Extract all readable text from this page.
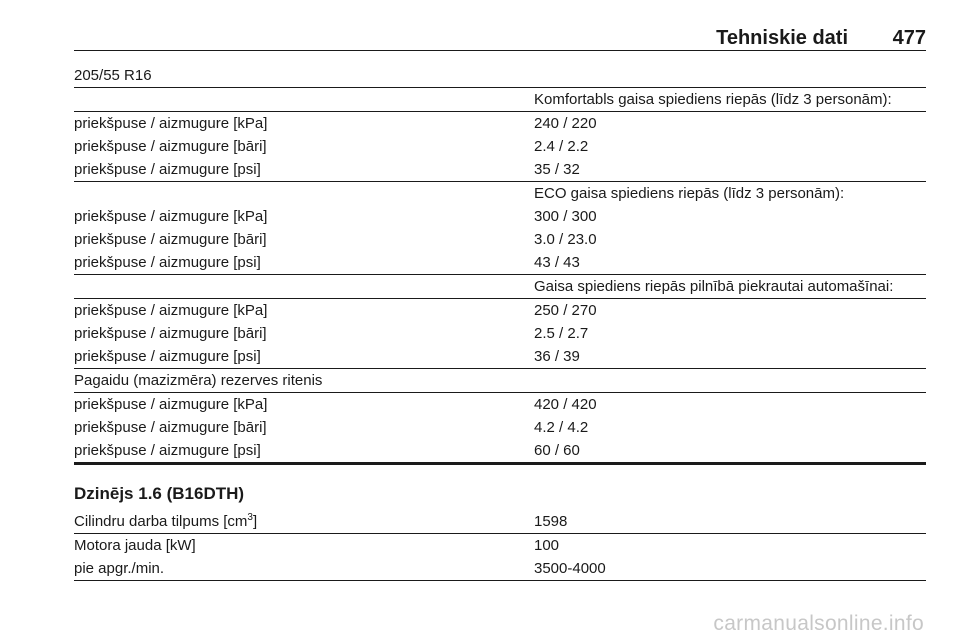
Tehniskie dati 477
205/55 R16
Komfortabls gaisa spiediens riepās (līdz 3 personām):
priekšpuse / aizmugure [kPa]	240 / 220
priekšpuse / aizmugure [bāri]	2.4 / 2.2
priekšpuse / aizmugure [psi]	35 / 32
ECO gaisa spiediens riepās (līdz 3 personām):
priekšpuse / aizmugure [kPa]	300 / 300
priekšpuse / aizmugure [bāri]	3.0 / 23.0
priekšpuse / aizmugure [psi]	43 / 43
Gaisa spiediens riepās pilnībā piekrautai automašīnai:
priekšpuse / aizmugure [kPa]	250 / 270
priekšpuse / aizmugure [bāri]	2.5 / 2.7
priekšpuse / aizmugure [psi]	36 / 39
Pagaidu (mazizmēra) rezerves ritenis
priekšpuse / aizmugure [kPa]	420 / 420
priekšpuse / aizmugure [bāri]	4.2 / 4.2
priekšpuse / aizmugure [psi]	60 / 60
Dzinējs 1.6 (B16DTH)
Cilindru darba tilpums $[cm^3]$	1598
Motora jauda [kW]	100
pie apgr./min.	3500-4000
carmanualsonline.info
